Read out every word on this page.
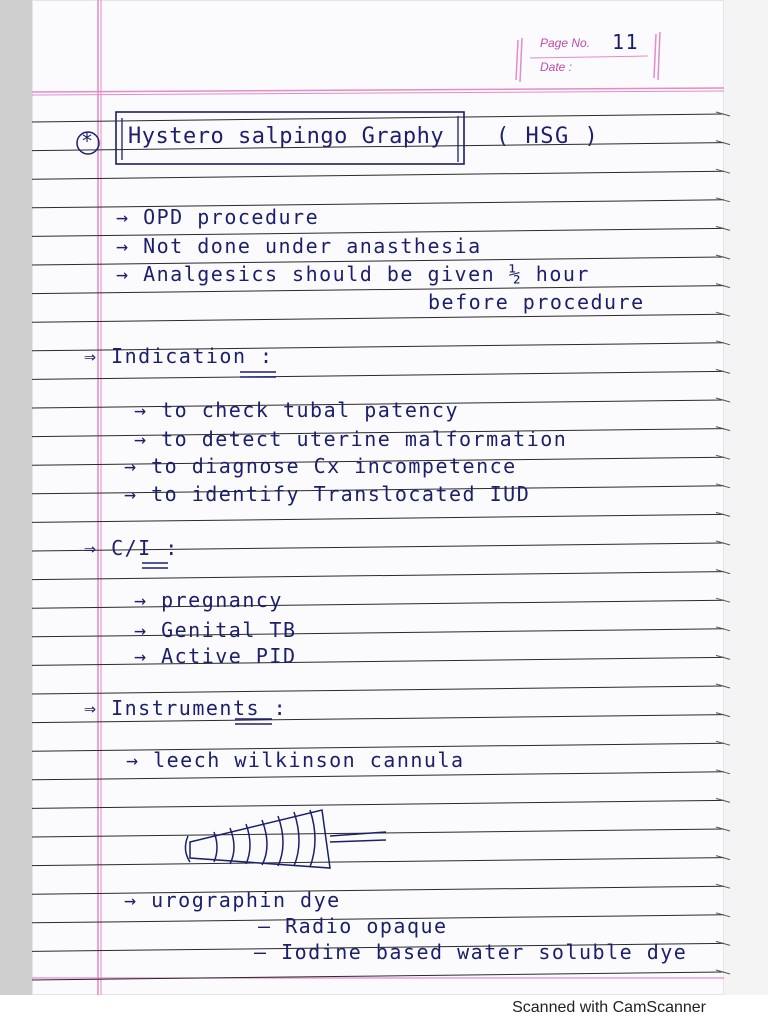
Page No. 11
Date :
* Hystero salpingo Graphy ( HSG )
→ OPD procedure
→ Not done under anasthesia
→ Analgesics should be given ½ hour
before procedure
⇒ Indication :
→ to check tubal patency
→ to detect uterine malformation
→ to diagnose Cx incompetence
→ to identify Translocated IUD
⇒ C/I :
→ pregnancy
→ Genital TB
→ Active PID
⇒ Instruments :
→ leech wilkinson cannula
→ urographin dye
– Radio opaque
– Iodine based water soluble dye
Scanned with CamScanner
